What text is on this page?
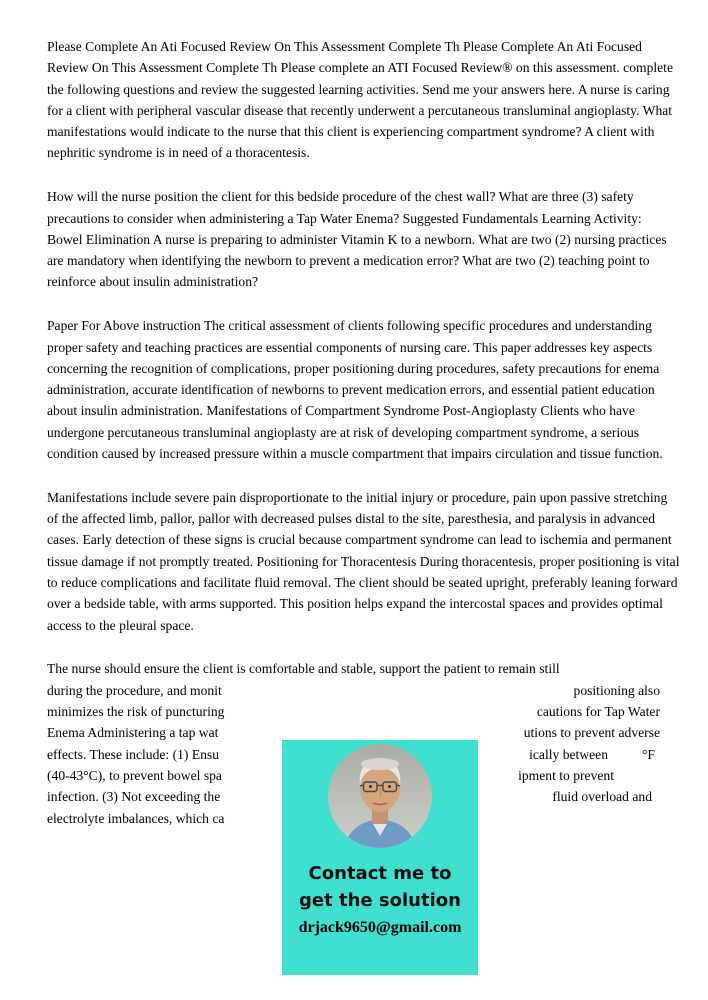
Please Complete An Ati Focused Review On This Assessment Complete Th Please Complete An Ati Focused Review On This Assessment Complete Th Please complete an ATI Focused Review® on this assessment. complete the following questions and review the suggested learning activities. Send me your answers here. A nurse is caring for a client with peripheral vascular disease that recently underwent a percutaneous transluminal angioplasty. What manifestations would indicate to the nurse that this client is experiencing compartment syndrome? A client with nephritic syndrome is in need of a thoracentesis.

How will the nurse position the client for this bedside procedure of the chest wall? What are three (3) safety precautions to consider when administering a Tap Water Enema? Suggested Fundamentals Learning Activity: Bowel Elimination A nurse is preparing to administer Vitamin K to a newborn. What are two (2) nursing practices are mandatory when identifying the newborn to prevent a medication error? What are two (2) teaching point to reinforce about insulin administration?

Paper For Above instruction The critical assessment of clients following specific procedures and understanding proper safety and teaching practices are essential components of nursing care. This paper addresses key aspects concerning the recognition of complications, proper positioning during procedures, safety precautions for enema administration, accurate identification of newborns to prevent medication errors, and essential patient education about insulin administration. Manifestations of Compartment Syndrome Post-Angioplasty Clients who have undergone percutaneous transluminal angioplasty are at risk of developing compartment syndrome, a serious condition caused by increased pressure within a muscle compartment that impairs circulation and tissue function.

Manifestations include severe pain disproportionate to the initial injury or procedure, pain upon passive stretching of the affected limb, pallor, pallor with decreased pulses distal to the site, paresthesia, and paralysis in advanced cases. Early detection of these signs is crucial because compartment syndrome can lead to ischemia and permanent tissue damage if not promptly treated. Positioning for Thoracentesis During thoracentesis, proper positioning is vital to reduce complications and facilitate fluid removal. The client should be seated upright, preferably leaning forward over a bedside table, with arms supported. This position helps expand the intercostal spaces and provides optimal access to the pleural space.

The nurse should ensure the client is comfortable and stable, support the patient to remain still
during the procedure, and monit	positioning also
minimizes the risk of puncturing	cautions for Tap Water
Enema Administering a tap wat	utions to prevent adverse
effects. These include: (1) Ensu	ically between          °F
(40-43°C), to prevent bowel spa	ipment to prevent
infection. (3) Not exceeding the	fluid overload and
electrolyte imbalances, which ca
Contact me to
get the solution
drjack9650@gmail.com
